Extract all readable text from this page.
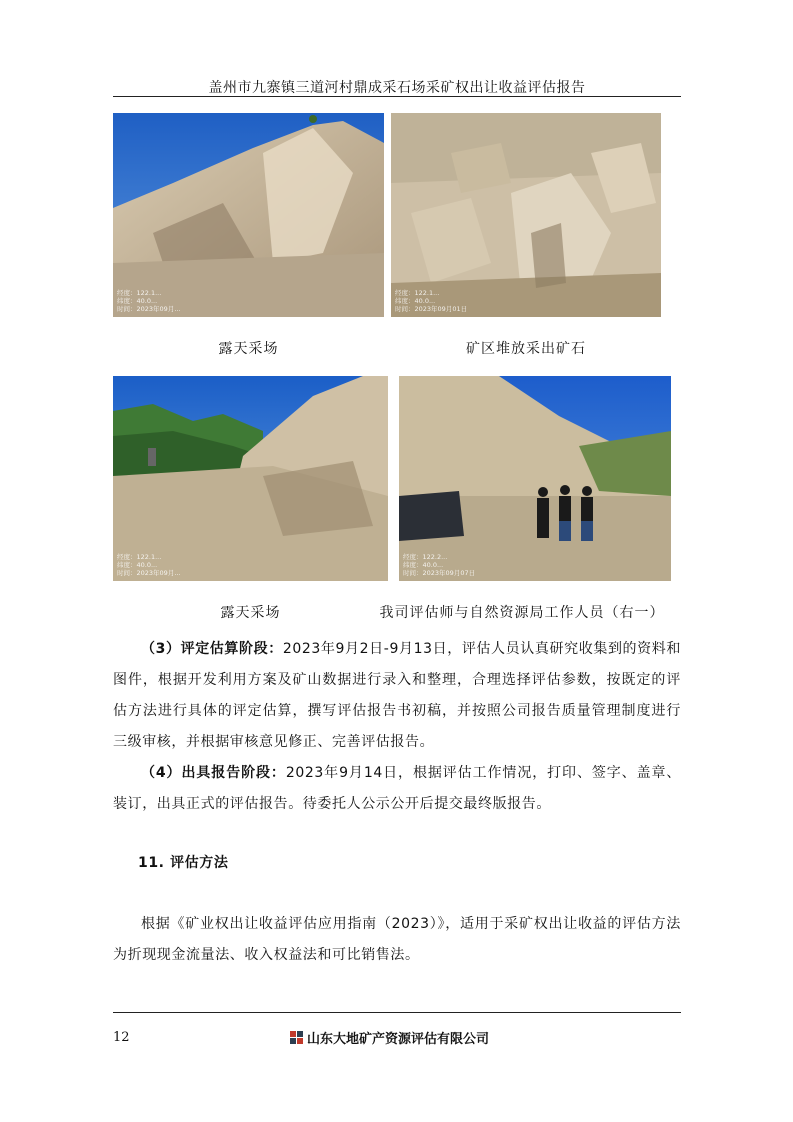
盖州市九寨镇三道河村鼎成采石场采矿权出让收益评估报告
经度：122.1...
纬度：40.0...
时间：2023年09月...
露天采场
经度：122.1...
纬度：40.0...
时间：2023年09月01日
矿区堆放采出矿石
经度：122.1...
纬度：40.0...
时间：2023年09月...
露天采场
经度：122.2...
纬度：40.0...
时间：2023年09月07日
我司评估师与自然资源局工作人员（右一）

（3）评定估算阶段：2023年9月2日-9月13日，评估人员认真研究收集到的资料和图件，根据开发利用方案及矿山数据进行录入和整理，合理选择评估参数，按既定的评估方法进行具体的评定估算，撰写评估报告书初稿，并按照公司报告质量管理制度进行三级审核，并根据审核意见修正、完善评估报告。

（4）出具报告阶段：2023年9月14日，根据评估工作情况，打印、签字、盖章、装订，出具正式的评估报告。待委托人公示公开后提交最终版报告。

11. 评估方法

根据《矿业权出让收益评估应用指南（2023）》，适用于采矿权出让收益的评估方法为折现现金流量法、收入权益法和可比销售法。

12	山东大地矿产资源评估有限公司
